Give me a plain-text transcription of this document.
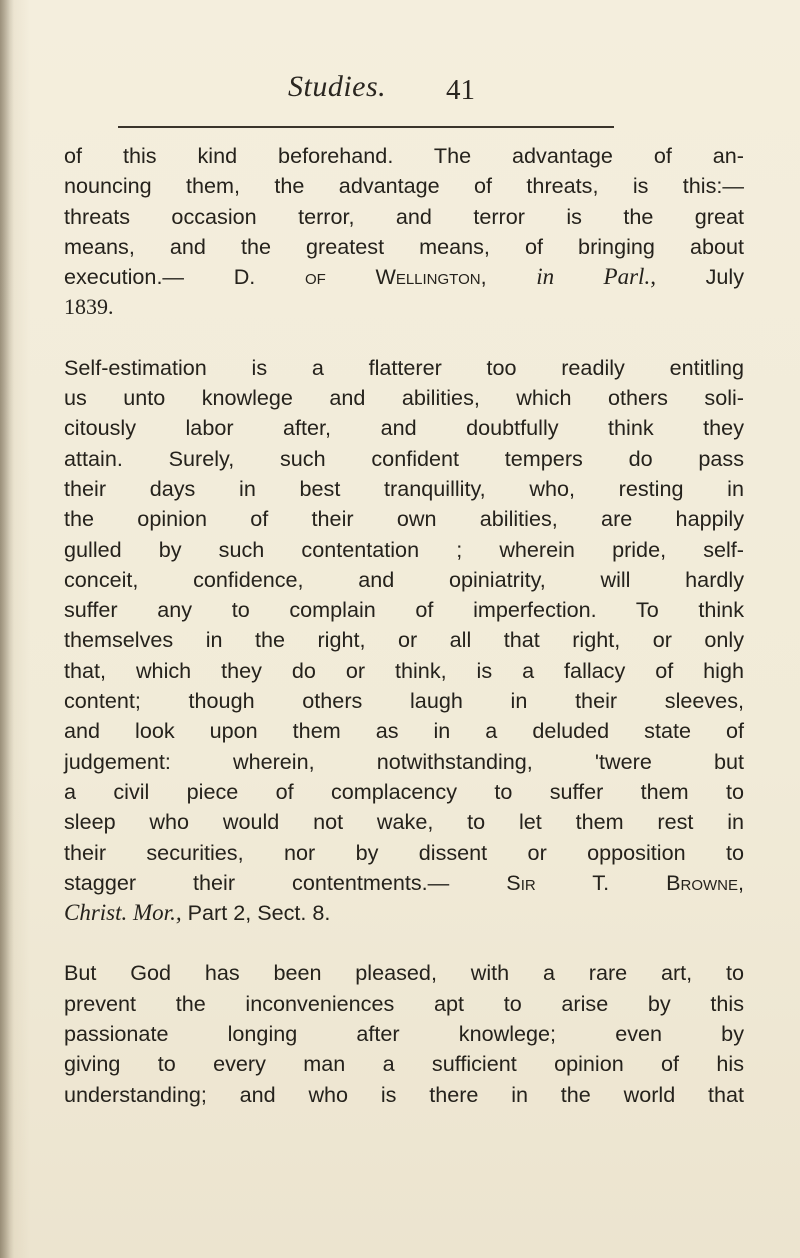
Studies. 41
of this kind beforehand. The advantage of an-
nouncing them, the advantage of threats, is this:—
threats occasion terror, and terror is the great
means, and the greatest means, of bringing about
execution.— D. of Wellington, in Parl., July
1839.
Self-estimation is a flatterer too readily entitling
us unto knowlege and abilities, which others soli-
citously labor after, and doubtfully think they
attain. Surely, such confident tempers do pass
their days in best tranquillity, who, resting in
the opinion of their own abilities, are happily
gulled by such contentation ; wherein pride, self-
conceit, confidence, and opiniatrity, will hardly
suffer any to complain of imperfection. To think
themselves in the right, or all that right, or only
that, which they do or think, is a fallacy of high
content; though others laugh in their sleeves,
and look upon them as in a deluded state of
judgement: wherein, notwithstanding, 'twere but
a civil piece of complacency to suffer them to
sleep who would not wake, to let them rest in
their securities, nor by dissent or opposition to
stagger their contentments.—	Sir T. Browne,
Christ. Mor., Part 2, Sect. 8.
But God has been pleased, with a rare art, to
prevent the inconveniences apt to arise by this
passionate longing after knowlege; even by
giving to every man a sufficient opinion of his
understanding; and who is there in the world that
